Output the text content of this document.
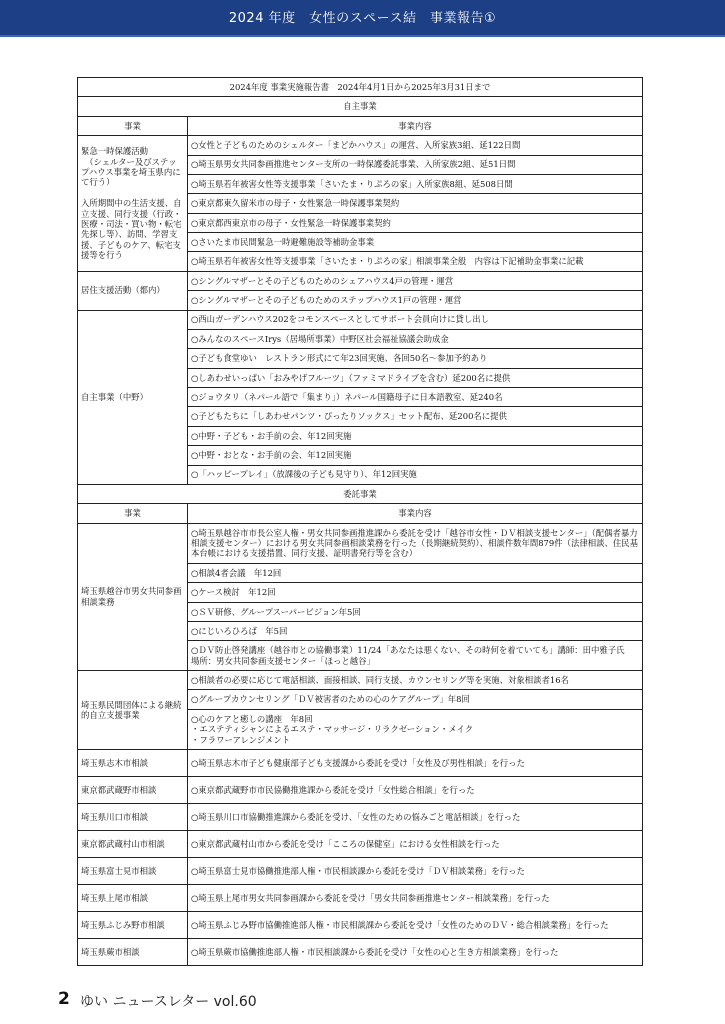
2024 年度　女性のスペース結　事業報告①
2024年度 事業実施報告書　2024年4月1日から2025年3月31日まで	
自主事業	
事業	事業内容
緊急一時保護活動
　（シェルター及びステップハウス事業を埼玉県内にて行う）

入所期間中の生活支援、自立支援、同行支援（行政・医療・司法・買い物・転宅先探し等）、訪問、学習支援、子どものケア、転宅支援等を行う	○女性と子どものためのシェルター「まどかハウス」の運営、入所家族3組、延122日間
	○埼玉県男女共同参画推進センター支所の一時保護委託事業、入所家族2組、延51日間
	○埼玉県若年被害女性等支援事業「さいたま・りぷろの家」入所家族8組、延508日間
	○東京都東久留米市の母子・女性緊急一時保護事業契約
	○東京都西東京市の母子・女性緊急一時保護事業契約
	○さいたま市民間緊急一時避難施設等補助金事業
	○埼玉県若年被害女性等支援事業「さいたま・りぷろの家」相談事業全般　内容は下記補助金事業に記載
居住支援活動（都内）	○シングルマザーとその子どものためのシェアハウス4戸の管理・運営
	○シングルマザーとその子どものためのステップハウス1戸の管理・運営
自主事業（中野）	○西山ガーデンハウス202をコモンスペースとしてサポート会員向けに貸し出し
	○みんなのスペースIrys（居場所事業）中野区社会福祉協議会助成金
	○子ども食堂ゆい　レストラン形式にて年23回実施、各回50名～参加予約あり
	○しあわせいっぱい「おみやげフルーツ」（ファミマドライブを含む）延200名に提供
	○ジョウタリ（ネパール語で「集まり」）ネパール国籍母子に日本語教室、延240名
	○子どもたちに「しあわせパンツ・ぴったりソックス」セット配布、延200名に提供
	○中野・子ども・お手前の会、年12回実施
	○中野・おとな・お手前の会、年12回実施
	○「ハッピープレイ」（放課後の子ども見守り）、年12回実施
委託事業	
事業	事業内容
埼玉県越谷市男女共同参画相談業務	○埼玉県越谷市市長公室人権・男女共同参画推進課から委託を受け「越谷市女性・ＤＶ相談支援センター」（配偶者暴力相談支援センター）における男女共同参画相談業務を行った（長期継続契約）、相談件数年間879件（法律相談、住民基本台帳における支援措置、同行支援、証明書発行等を含む）
	○相談4者会議　年12回
	○ケース検討　年12回
	○ＳＶ研修、グループスーパービジョン年5回
	○にじいろひろば　年5回
	○ＤＶ防止啓発講座（越谷市との協働事業）11/24「あなたは悪くない、その時何を着ていても」講師：田中雅子氏　場所：男女共同参画支援センター「ほっと越谷」
埼玉県民間団体による継続的自立支援事業	○相談者の必要に応じて電話相談、面接相談、同行支援、カウンセリング等を実施、対象相談者16名
	○グループカウンセリング「ＤＶ被害者のための心のケアグループ」年8回
	○心のケアと癒しの講座　年8回
・エステティシャンによるエステ・マッサージ・リラクゼーション・メイク
・フラワーアレンジメント
埼玉県志木市相談	○埼玉県志木市子ども健康部子ども支援課から委託を受け「女性及び男性相談」を行った
東京都武蔵野市相談	○東京都武蔵野市市民協働推進課から委託を受け「女性総合相談」を行った
埼玉県川口市相談	○埼玉県川口市協働推進課から委託を受け、「女性のための悩みごと電話相談」を行った
東京都武蔵村山市相談	○東京都武蔵村山市から委託を受け「こころの保健室」における女性相談を行った
埼玉県富士見市相談	○埼玉県富士見市協働推進部人権・市民相談課から委託を受け「ＤＶ相談業務」を行った
埼玉県上尾市相談	○埼玉県上尾市男女共同参画課から委託を受け「男女共同参画推進センター相談業務」を行った
埼玉県ふじみ野市相談	○埼玉県ふじみ野市協働推進部人権・市民相談課から委託を受け「女性のためのＤＶ・総合相談業務」を行った
埼玉県蕨市相談	○埼玉県蕨市協働推進部人権・市民相談課から委託を受け「女性の心と生き方相談業務」を行った
2 ゆい ニュースレター vol.60
